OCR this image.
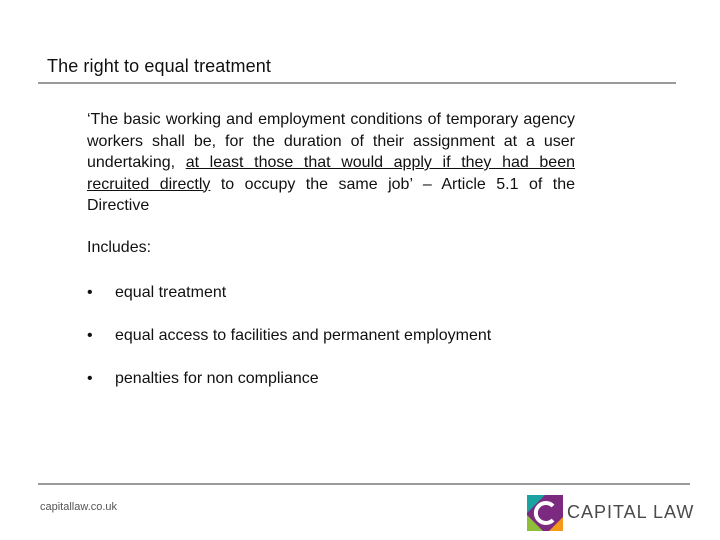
The right to equal treatment

‘The basic working and employment conditions of temporary agency workers shall be, for the duration of their assignment at a user undertaking, at least those that would apply if they had been recruited directly to occupy the same job’ – Article 5.1 of the Directive

Includes:
• equal treatment
• equal access to facilities and permanent employment
• penalties for non compliance
capitallaw.co.uk	CAPITAL LAW
